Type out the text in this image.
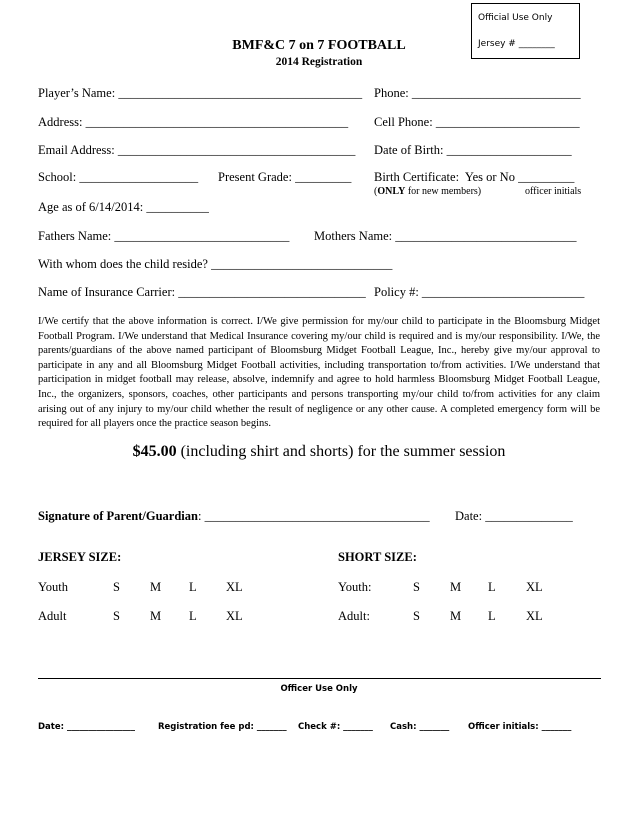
Official Use Only
Jersey # ________
BMF&C 7 on 7 FOOTBALL
2014 Registration
Player’s Name: _______________________________________ Phone: ___________________________
Address: __________________________________________ Cell Phone: _______________________
Email Address: ______________________________________ Date of Birth: ____________________
School: ___________________ Present Grade: _________ Birth Certificate:  Yes or No _________
(ONLY for new members)	officer initials
Age as of 6/14/2014: __________
Fathers Name: ____________________________ Mothers Name: _____________________________
With whom does the child reside? _____________________________
Name of Insurance Carrier: ______________________________ Policy #: __________________________
I/We certify that the above information is correct. I/We give permission for my/our child to participate in the Bloomsburg Midget Football Program. I/We understand that Medical Insurance covering my/our child is required and is my/our responsibility. I/We, the parents/guardians of the above named participant of Bloomsburg Midget Football League, Inc., hereby give my/our approval to participate in any and all Bloomsburg Midget Football activities, including transportation to/from activities. I/We understand that participation in midget football may release, absolve, indemnify and agree to hold harmless Bloomsburg Midget Football League, Inc., the organizers, sponsors, coaches, other participants and persons transporting my/our child to/from activities for any claim arising out of any injury to my/our child whether the result of negligence or any other cause. A completed emergency form will be required for all players once the practice season begins.
$45.00 (including shirt and shorts) for the summer session
Signature of Parent/Guardian: ____________________________________ Date: ______________
JERSEY SIZE:	SHORT SIZE:
Youth	S M L XL
Adult	S M L XL
Youth:	S M L XL
Adult:	S M L XL
Officer Use Only
Date: ________________	Registration fee pd: _______ Check #: _______ Cash: _______ Officer initials: _______
